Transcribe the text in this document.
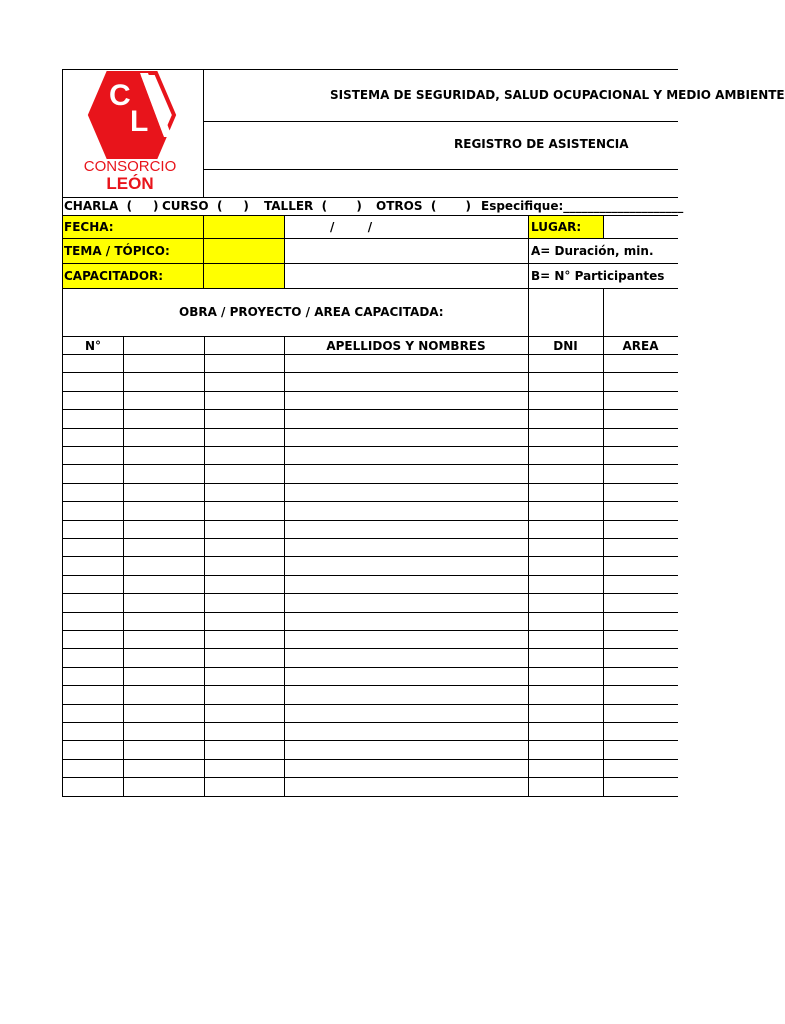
C
L
CONSORCIO
LEÓN
SISTEMA DE SEGURIDAD, SALUD OCUPACIONAL Y MEDIO AMBIENTE
REGISTRO DE ASISTENCIA
CHARLA  (     ) CURSO  (     ) TALLER  (       ) OTROS  (       ) Especifique:____________________
FECHA:	/        /	LUGAR:
TEMA / TÓPICO:	A= Duración, min.
CAPACITADOR:	B= N° Participantes
OBRA / PROYECTO / AREA CAPACITADA:
N°	APELLIDOS Y NOMBRES	DNI	AREA
